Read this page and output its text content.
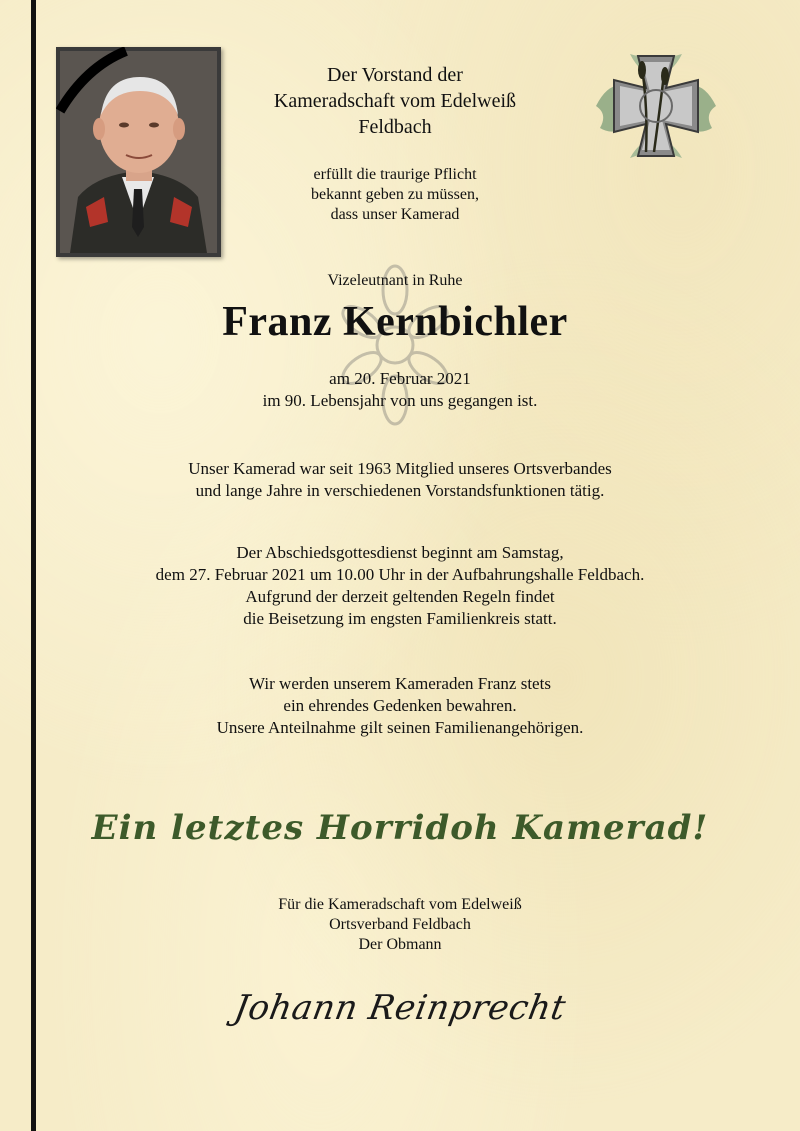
Der Vorstand der
Kameradschaft vom Edelweiß
Feldbach
erfüllt die traurige Pflicht
bekannt geben zu müssen,
dass unser Kamerad
Vizeleutnant in Ruhe
Franz Kernbichler
am 20. Februar 2021
im 90. Lebensjahr von uns gegangen ist.
Unser Kamerad war seit 1963 Mitglied unseres Ortsverbandes
und lange Jahre in verschiedenen Vorstandsfunktionen tätig.
Der Abschiedsgottesdienst beginnt am Samstag,
dem 27. Februar 2021 um 10.00 Uhr in der Aufbahrungshalle Feldbach.
Aufgrund der derzeit geltenden Regeln findet
die Beisetzung im engsten Familienkreis statt.
Wir werden unserem Kameraden Franz stets
ein ehrendes Gedenken bewahren.
Unsere Anteilnahme gilt seinen Familienangehörigen.
Ein letztes Horridoh Kamerad!
Für die Kameradschaft vom Edelweiß
Ortsverband Feldbach
Der Obmann
Johann Reinprecht
